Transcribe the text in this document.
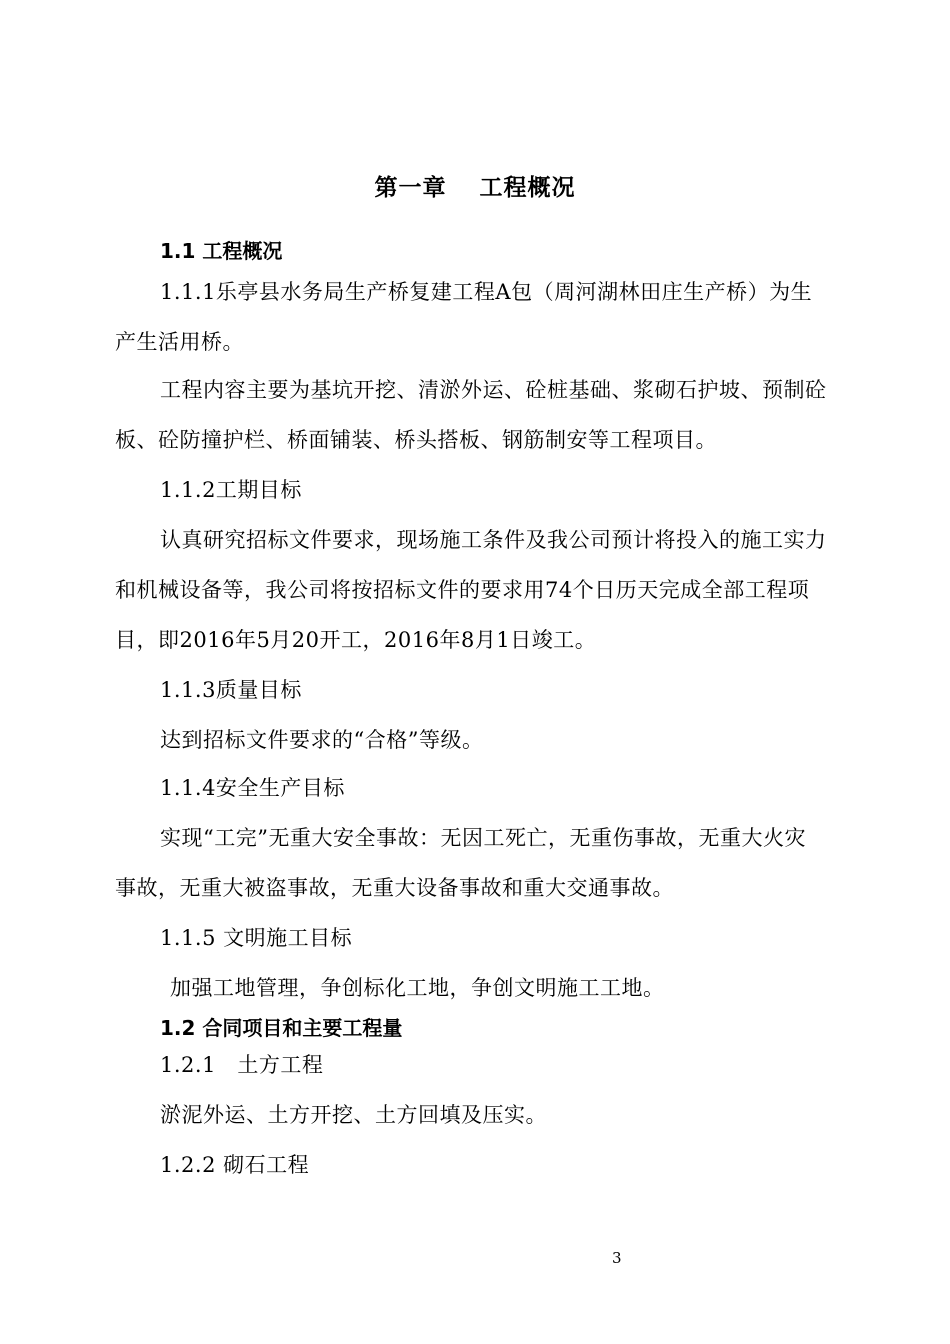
第一章　 工程概况
1.1 工程概况
1.1.1乐亭县水务局生产桥复建工程A包（周河湖林田庄生产桥）为生
产生活用桥。
工程内容主要为基坑开挖、清淤外运、砼桩基础、浆砌石护坡、预制砼
板、砼防撞护栏、桥面铺装、桥头搭板、钢筋制安等工程项目。
1.1.2工期目标
认真研究招标文件要求，现场施工条件及我公司预计将投入的施工实力
和机械设备等，我公司将按招标文件的要求用74个日历天完成全部工程项
目，即2016年5月20开工，2016年8月1日竣工。
1.1.3质量目标
达到招标文件要求的“合格”等级。
1.1.4安全生产目标
实现“工完”无重大安全事故：无因工死亡，无重伤事故，无重大火灾
事故，无重大被盗事故，无重大设备事故和重大交通事故。
1.1.5 文明施工目标
加强工地管理，争创标化工地，争创文明施工工地。
1.2 合同项目和主要工程量
1.2.1　土方工程
淤泥外运、土方开挖、土方回填及压实。
1.2.2 砌石工程
3
